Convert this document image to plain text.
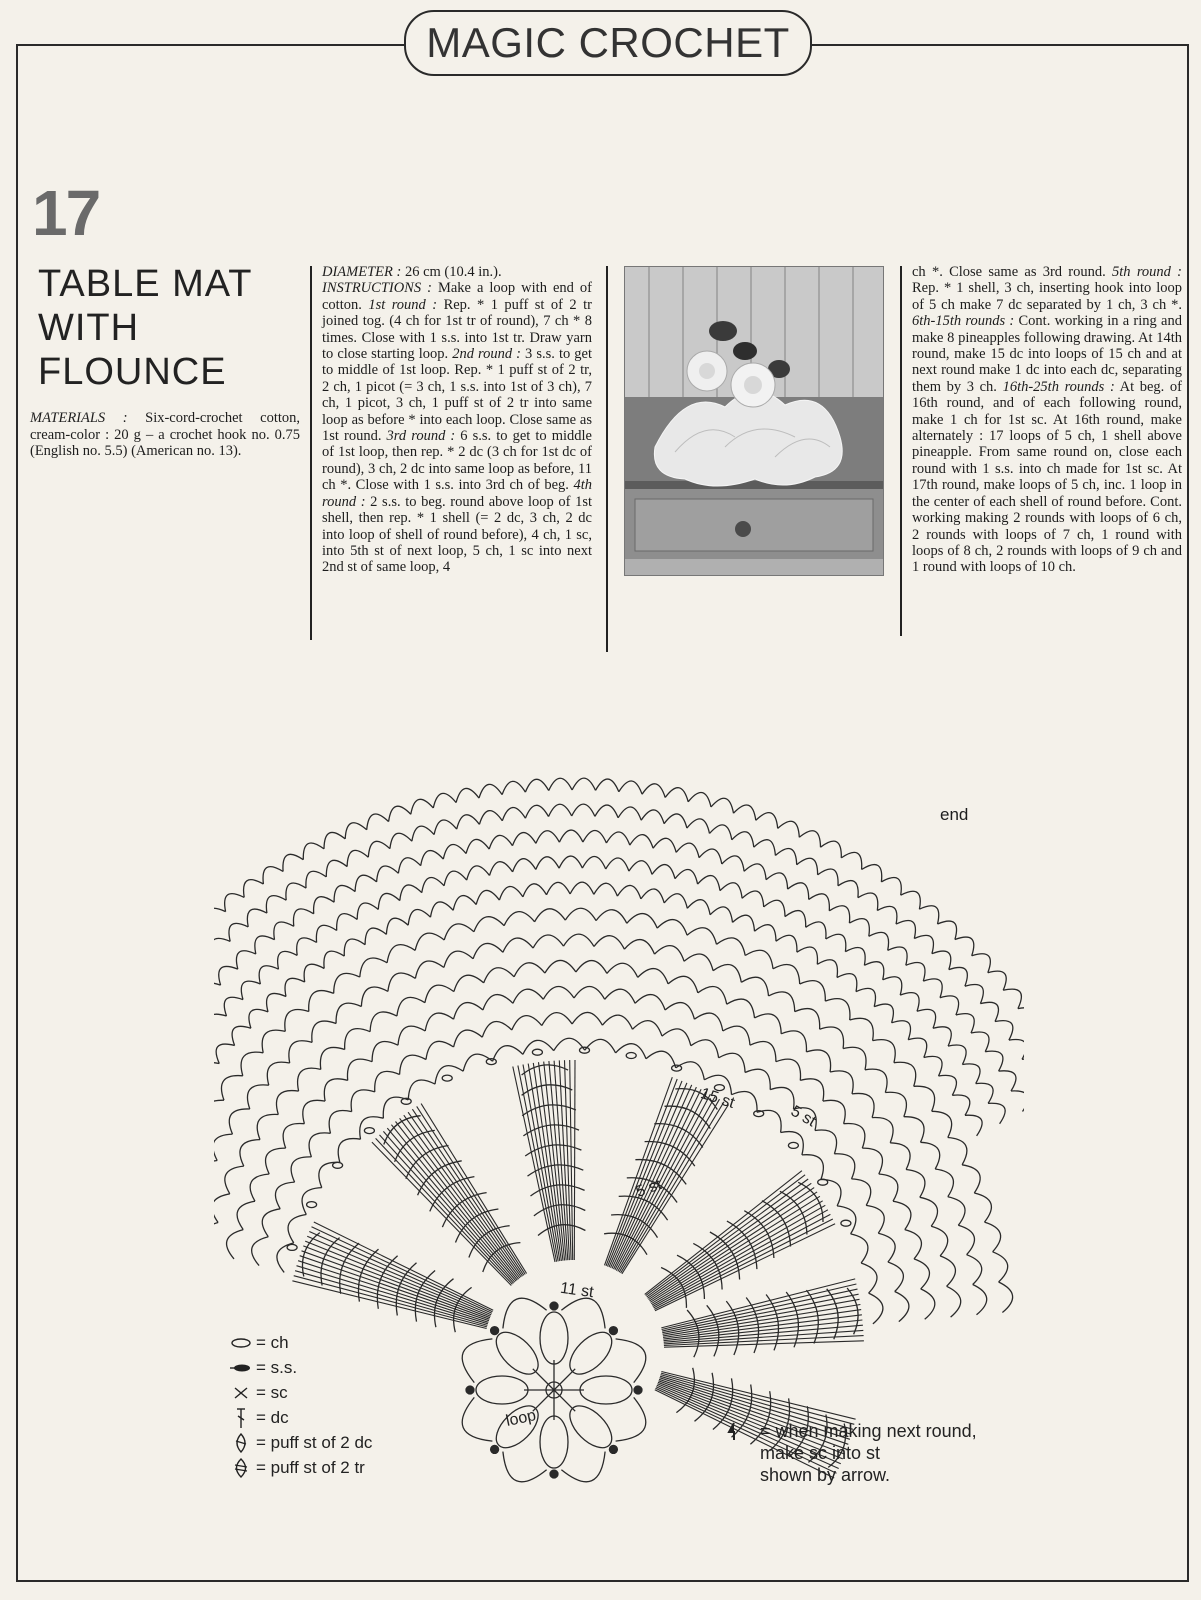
MAGIC CROCHET
17
TABLE MAT
WITH
FLOUNCE
MATERIALS : Six-cord-crochet cotton, cream-color : 20 g – a crochet hook no. 0.75 (English no. 5.5) (American no. 13).
DIAMETER : 26 cm (10.4 in.).
INSTRUCTIONS : Make a loop with end of cotton. 1st round : Rep. * 1 puff st of 2 tr joined tog. (4 ch for 1st tr of round), 7 ch * 8 times. Close with 1 s.s. into 1st tr. Draw yarn to close starting loop. 2nd round : 3 s.s. to get to middle of 1st loop. Rep. * 1 puff st of 2 tr, 2 ch, 1 picot (= 3 ch, 1 s.s. into 1st of 3 ch), 7 ch, 1 picot, 3 ch, 1 puff st of 2 tr into same loop as before * into each loop. Close same as 1st round. 3rd round : 6 s.s. to get to middle of 1st loop, then rep. * 2 dc (3 ch for 1st dc of round), 3 ch, 2 dc into same loop as before, 11 ch *. Close with 1 s.s. into 3rd ch of beg. 4th round : 2 s.s. to beg. round above loop of 1st shell, then rep. * 1 shell (= 2 dc, 3 ch, 2 dc into loop of shell of round before), 4 ch, 1 sc, into 5th st of next loop, 5 ch, 1 sc into next 2nd st of same loop, 4
ch *. Close same as 3rd round. 5th round : Rep. * 1 shell, 3 ch, inserting hook into loop of 5 ch make 7 dc separated by 1 ch, 3 ch *. 6th-15th rounds : Cont. working in a ring and make 8 pineapples following drawing. At 14th round, make 15 dc into loops of 15 ch and at next round make 1 dc into each dc, separating them by 3 ch. 16th-25th rounds : At beg. of 16th round, and of each following round, make 1 ch for 1st sc. At 16th round, make alternately : 17 loops of 5 ch, 1 shell above pineapple. From same round on, close each round with 1 s.s. into ch made for 1st sc. At 17th round, make loops of 5 ch, inc. 1 loop in the center of each shell of round before. Cont. working making 2 rounds with loops of 6 ch, 2 rounds with loops of 7 ch, 1 round with loops of 8 ch, 2 rounds with loops of 9 ch and 1 round with loops of 10 ch.
end
15 st
5 st
5 st
11 st
loop
= ch
= s.s.
= sc
= dc
= puff st of 2 dc
= puff st of 2 tr
= when making next round,
make sc into st
shown by arrow.
